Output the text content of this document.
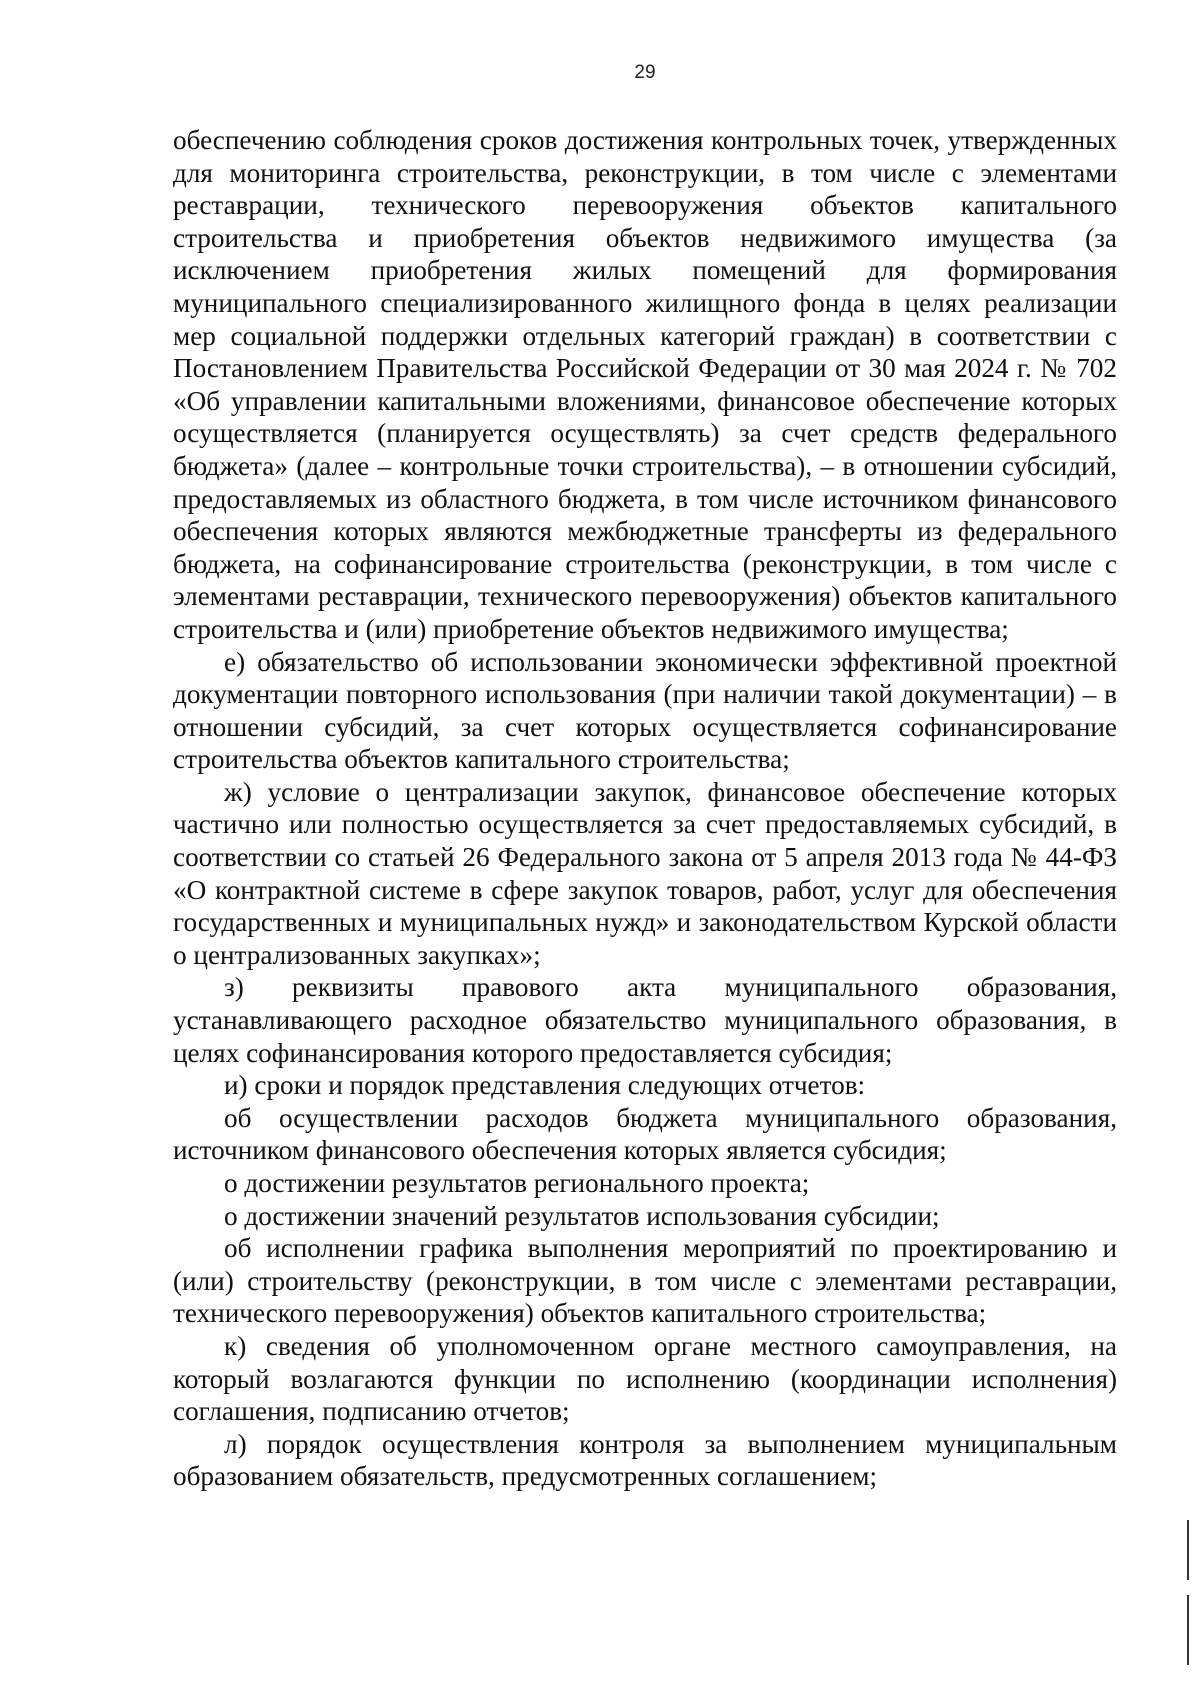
29

обеспечению соблюдения сроков достижения контрольных точек, утвержденных для мониторинга строительства, реконструкции, в том числе с элементами реставрации, технического перевооружения объектов капитального строительства и приобретения объектов недвижимого имущества (за исключением приобретения жилых помещений для формирования муниципального специализированного жилищного фонда в целях реализации мер социальной поддержки отдельных категорий граждан) в соответствии с Постановлением Правительства Российской Федерации от 30 мая 2024 г. № 702 «Об управлении капитальными вложениями, финансовое обеспечение которых осуществляется (планируется осуществлять) за счет средств федерального бюджета» (далее – контрольные точки строительства), – в отношении субсидий, предоставляемых из областного бюджета, в том числе источником финансового обеспечения которых являются межбюджетные трансферты из федерального бюджета, на софинансирование строительства (реконструкции, в том числе с элементами реставрации, технического перевооружения) объектов капитального строительства и (или) приобретение объектов недвижимого имущества;

е) обязательство об использовании экономически эффективной проектной документации повторного использования (при наличии такой документации) – в отношении субсидий, за счет которых осуществляется софинансирование строительства объектов капитального строительства;

ж) условие о централизации закупок, финансовое обеспечение которых частично или полностью осуществляется за счет предоставляемых субсидий, в соответствии со статьей 26 Федерального закона от 5 апреля 2013 года № 44-ФЗ «О контрактной системе в сфере закупок товаров, работ, услуг для обеспечения государственных и муниципальных нужд» и законодательством Курской области о централизованных закупках»;

з) реквизиты правового акта муниципального образования, устанавливающего расходное обязательство муниципального образования, в целях софинансирования которого предоставляется субсидия;

и) сроки и порядок представления следующих отчетов:

об осуществлении расходов бюджета муниципального образования, источником финансового обеспечения которых является субсидия;

о достижении результатов регионального проекта;

о достижении значений результатов использования субсидии;

об исполнении графика выполнения мероприятий по проектированию и (или) строительству (реконструкции, в том числе с элементами реставрации, технического перевооружения) объектов капитального строительства;

к) сведения об уполномоченном органе местного самоуправления, на который возлагаются функции по исполнению (координации исполнения) соглашения, подписанию отчетов;

л) порядок осуществления контроля за выполнением муниципальным образованием обязательств, предусмотренных соглашением;
